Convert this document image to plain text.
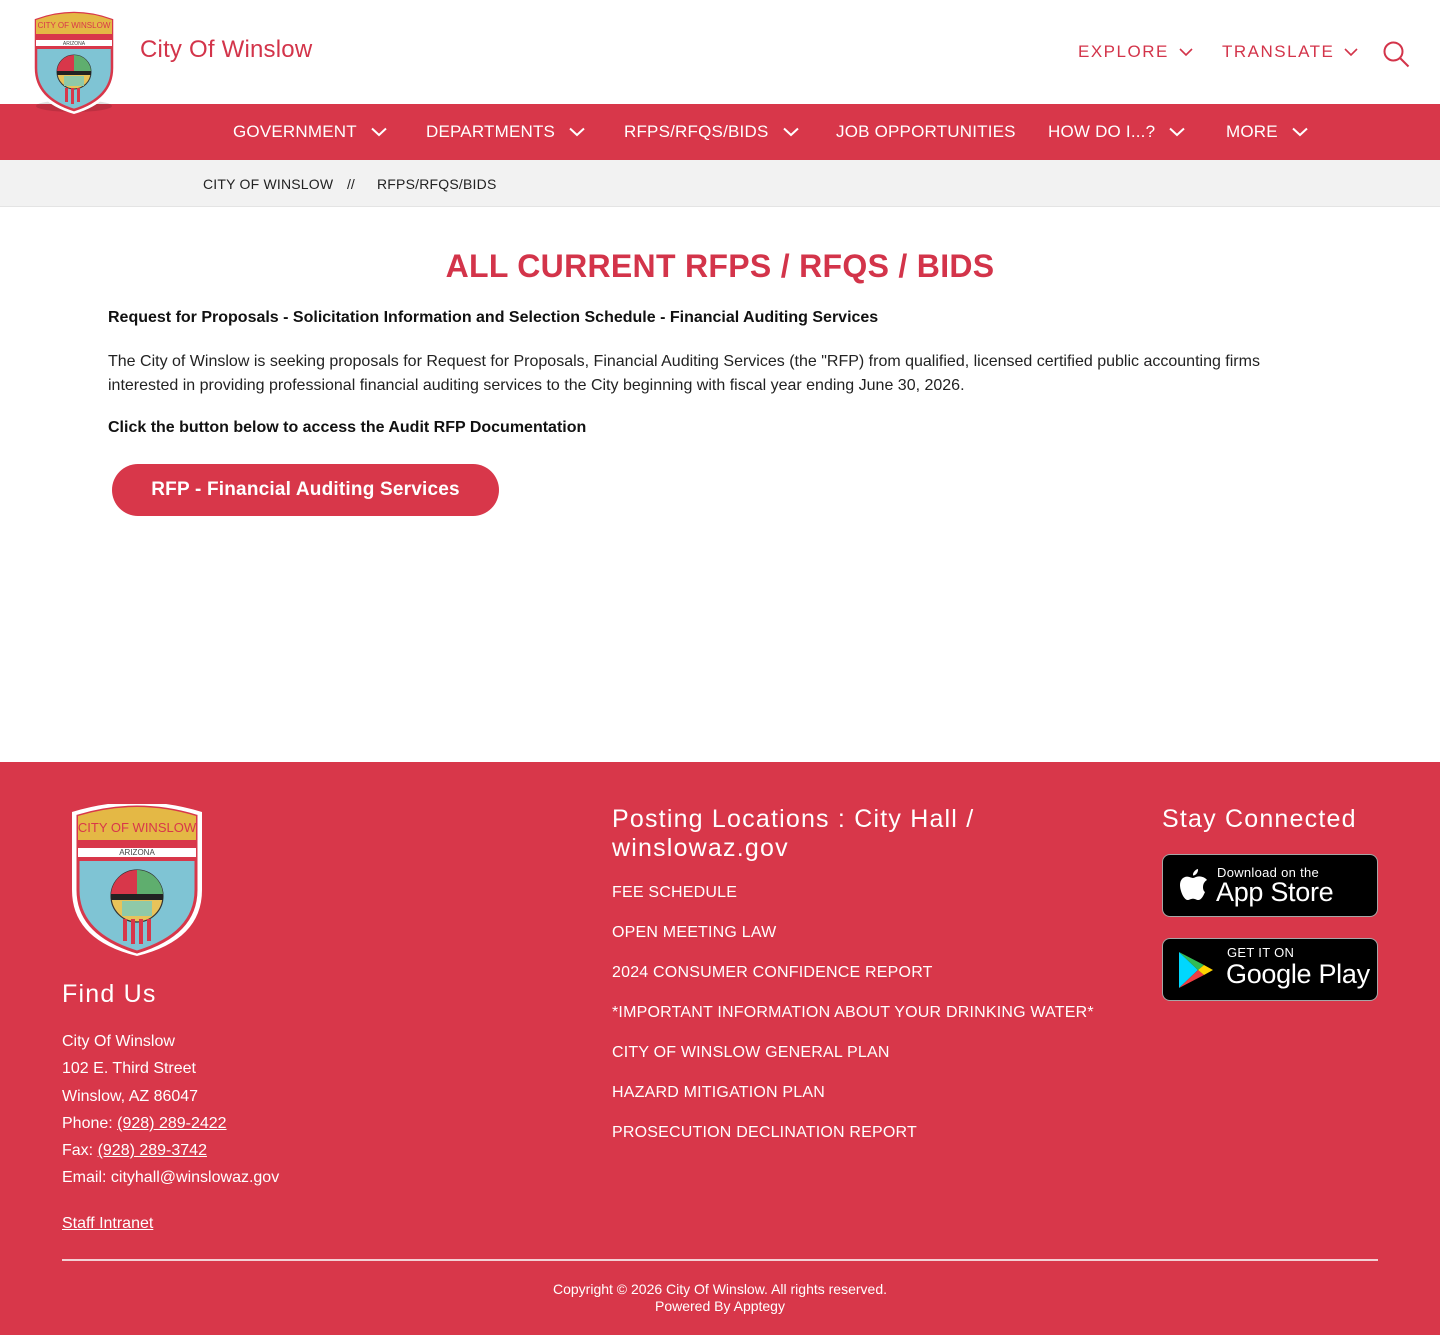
CITY OF WINSLOW
ARIZONA City Of Winslow	EXPLORE	TRANSLATE
GOVERNMENT	DEPARTMENTS	RFPS/RFQS/BIDS	JOB OPPORTUNITIES HOW DO I...?	MORE
CITY OF WINSLOW // RFPS/RFQS/BIDS
ALL CURRENT RFPS / RFQS / BIDS
Request for Proposals - Solicitation Information and Selection Schedule - Financial Auditing Services

The City of Winslow is seeking proposals for Request for Proposals, Financial Auditing Services (the "RFP) from qualified, licensed certified public accounting firms interested in providing professional financial auditing services to the City beginning with fiscal year ending June 30, 2026.

Click the button below to access the Audit RFP Documentation
RFP - Financial Auditing Services
CITY OF WINSLOW
ARIZONA
Find Us
City Of Winslow
102 E. Third Street
Winslow, AZ 86047
Phone: (928) 289-2422
Fax: (928) 289-3742
Email: cityhall@winslowaz.gov
Staff Intranet
Posting Locations : City Hall / winslowaz.gov
FEE SCHEDULE
OPEN MEETING LAW
2024 CONSUMER CONFIDENCE REPORT
*IMPORTANT INFORMATION ABOUT YOUR DRINKING WATER*
CITY OF WINSLOW GENERAL PLAN
HAZARD MITIGATION PLAN
PROSECUTION DECLINATION REPORT
Stay Connected
Download on the
App Store
GET IT ON
Google Play
Copyright © 2026 City Of Winslow. All rights reserved.
Powered By Apptegy
